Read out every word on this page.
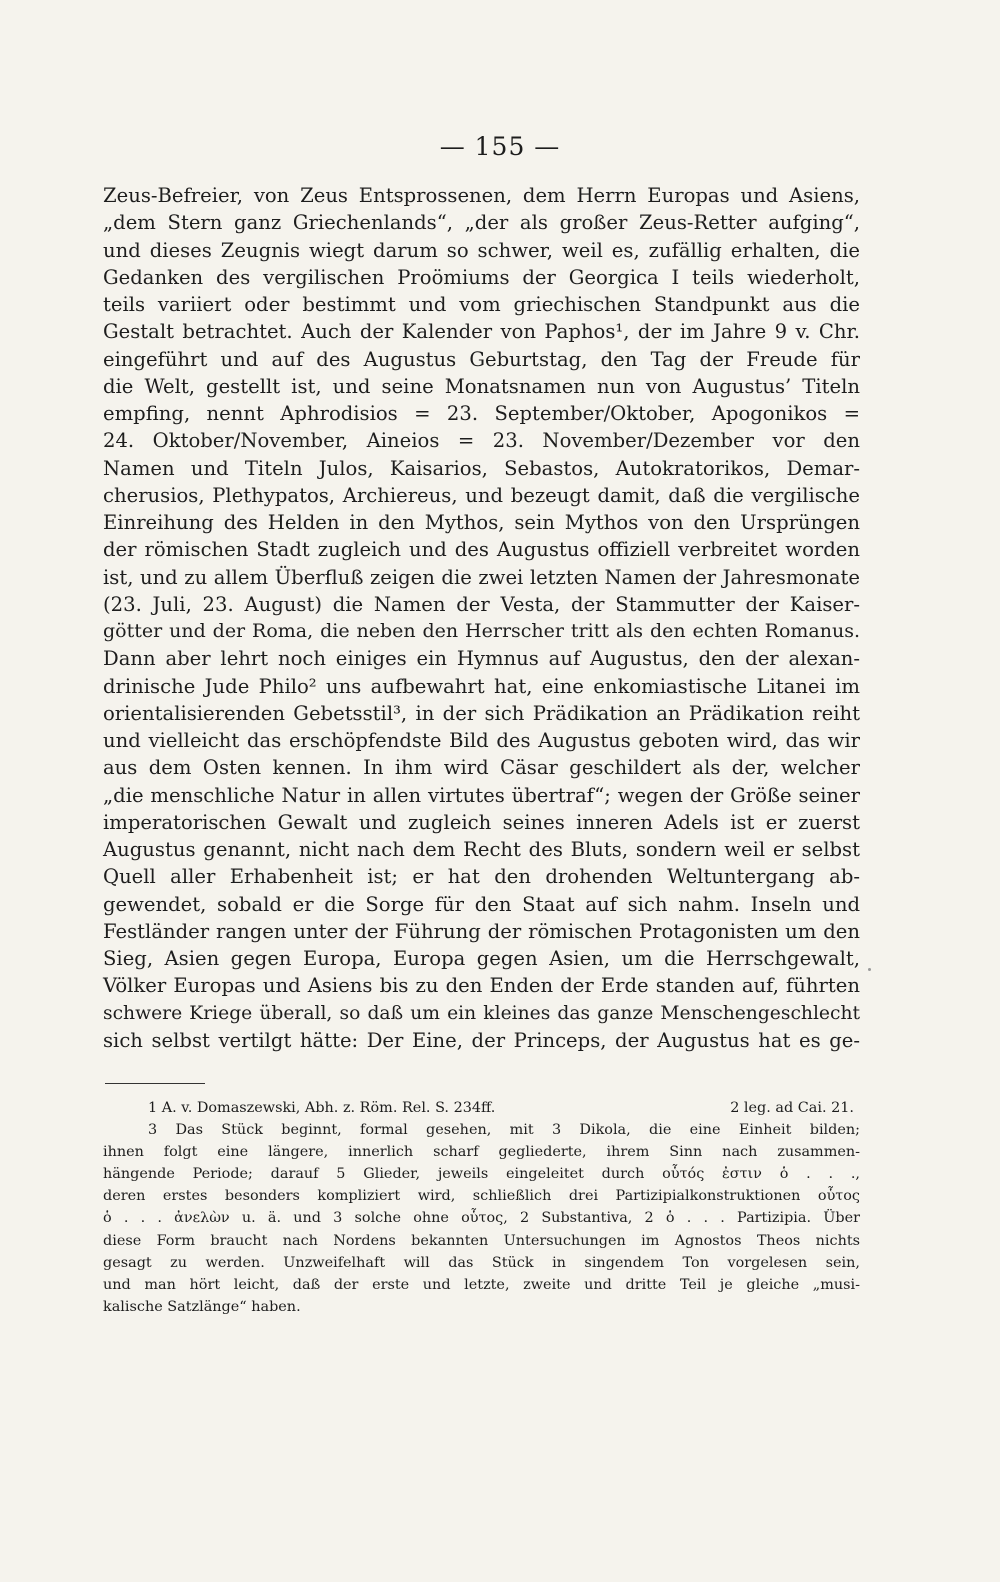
— 155 —
Zeus-Befreier, von Zeus Entsprossenen, dem Herrn Europas und Asiens,
„dem Stern ganz Griechenlands“, „der als großer Zeus-Retter aufging“,
und dieses Zeugnis wiegt darum so schwer, weil es, zufällig erhalten, die
Gedanken des vergilischen Proömiums der Georgica I teils wiederholt,
teils variiert oder bestimmt und vom griechischen Standpunkt aus die
Gestalt betrachtet. Auch der Kalender von Paphos¹, der im Jahre 9 v. Chr.
eingeführt und auf des Augustus Geburtstag, den Tag der Freude für
die Welt, gestellt ist, und seine Monatsnamen nun von Augustus’ Titeln
empfing, nennt Aphrodisios = 23. September/Oktober, Apogonikos =
24. Oktober/November, Aineios = 23. November/Dezember vor den
Namen und Titeln Julos, Kaisarios, Sebastos, Autokratorikos, Demar-
cherusios, Plethypatos, Archiereus, und bezeugt damit, daß die vergilische
Einreihung des Helden in den Mythos, sein Mythos von den Ursprüngen
der römischen Stadt zugleich und des Augustus offiziell verbreitet worden
ist, und zu allem Überfluß zeigen die zwei letzten Namen der Jahresmonate
(23. Juli, 23. August) die Namen der Vesta, der Stammutter der Kaiser-
götter und der Roma, die neben den Herrscher tritt als den echten Romanus.
Dann aber lehrt noch einiges ein Hymnus auf Augustus, den der alexan-
drinische Jude Philo² uns aufbewahrt hat, eine enkomiastische Litanei im
orientalisierenden Gebetsstil³, in der sich Prädikation an Prädikation reiht
und vielleicht das erschöpfendste Bild des Augustus geboten wird, das wir
aus dem Osten kennen. In ihm wird Cäsar geschildert als der, welcher
„die menschliche Natur in allen virtutes übertraf“; wegen der Größe seiner
imperatorischen Gewalt und zugleich seines inneren Adels ist er zuerst
Augustus genannt, nicht nach dem Recht des Bluts, sondern weil er selbst
Quell aller Erhabenheit ist; er hat den drohenden Weltuntergang ab-
gewendet, sobald er die Sorge für den Staat auf sich nahm. Inseln und
Festländer rangen unter der Führung der römischen Protagonisten um den
Sieg, Asien gegen Europa, Europa gegen Asien, um die Herrschgewalt,
Völker Europas und Asiens bis zu den Enden der Erde standen auf, führten
schwere Kriege überall, so daß um ein kleines das ganze Menschengeschlecht
sich selbst vertilgt hätte: Der Eine, der Princeps, der Augustus hat es ge-
1 A. v. Domaszewski, Abh. z. Röm. Rel. S. 234ff.	2 leg. ad Cai. 21.
3 Das Stück beginnt, formal gesehen, mit 3 Dikola, die eine Einheit bilden;
ihnen folgt eine längere, innerlich scharf gegliederte, ihrem Sinn nach zusammen-
hängende Periode; darauf 5 Glieder, jeweils eingeleitet durch οὗτός ἐστιν ὁ . . .,
deren erstes besonders kompliziert wird, schließlich drei Partizipialkonstruktionen οὗτος
ὁ . . . ἀνελὼν u. ä. und 3 solche ohne οὗτος, 2 Substantiva, 2 ὁ . . . Partizipia. Über
diese Form braucht nach Nordens bekannten Untersuchungen im Agnostos Theos nichts
gesagt zu werden. Unzweifelhaft will das Stück in singendem Ton vorgelesen sein,
und man hört leicht, daß der erste und letzte, zweite und dritte Teil je gleiche „musi-
kalische Satzlänge“ haben.
